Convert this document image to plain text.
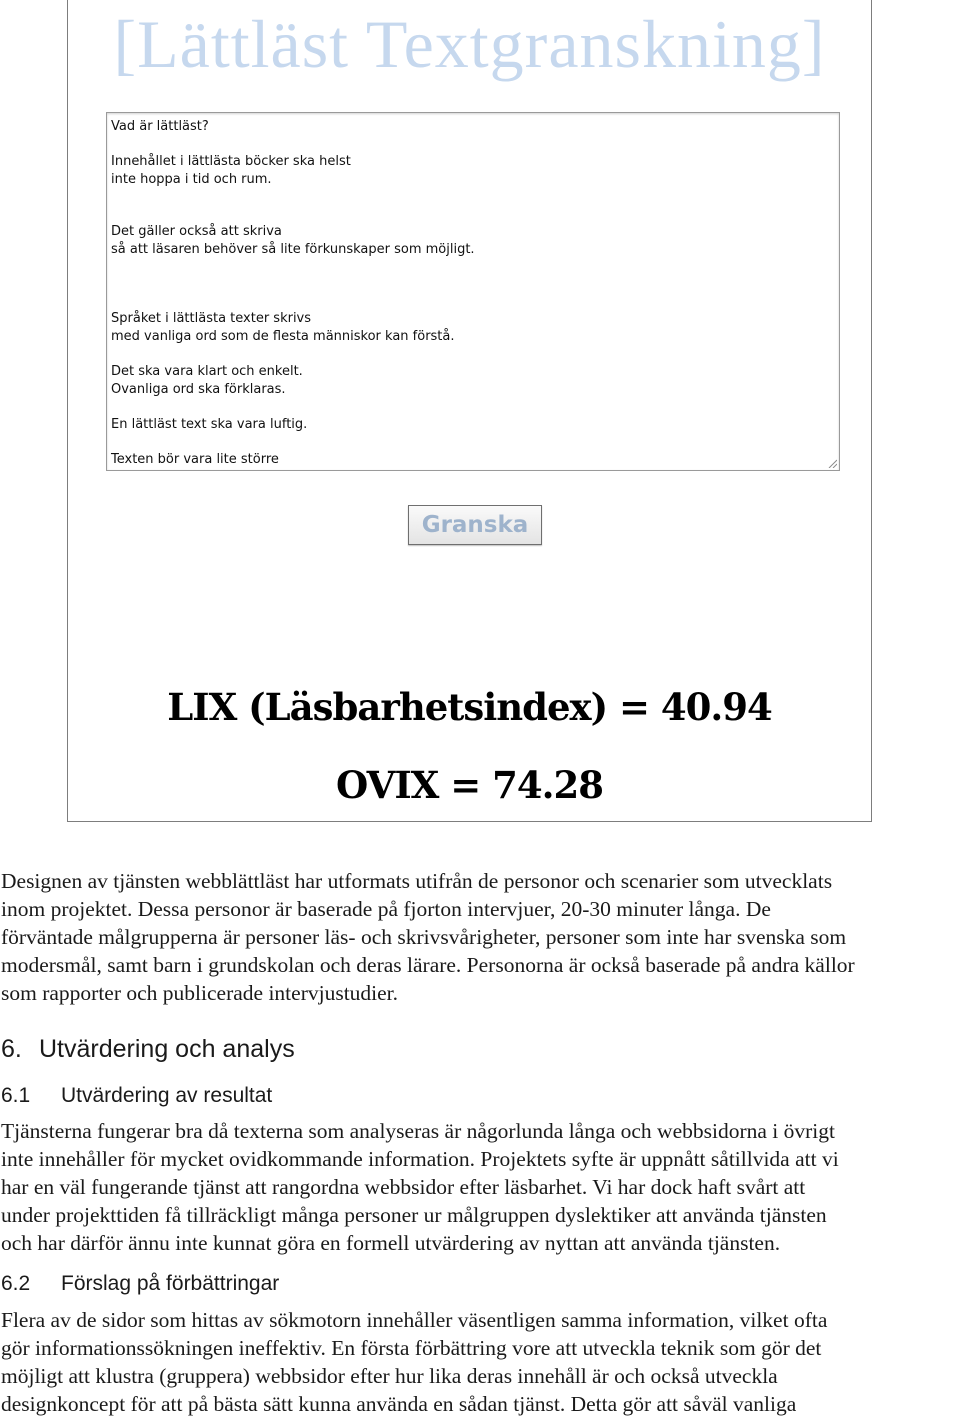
[Lättläst Textgranskning]
Vad är lättläst?
Innehållet i lättlästa böcker ska helst
inte hoppa i tid och rum.
Det gäller också att skriva
så att läsaren behöver så lite förkunskaper som möjligt.
Språket i lättlästa texter skrivs
med vanliga ord som de flesta människor kan förstå.
Det ska vara klart och enkelt.
Ovanliga ord ska förklaras.
En lättläst text ska vara luftig.
Texten bör vara lite större
Granska
LIX (Läsbarhetsindex) = 40.94
OVIX = 74.28
Designen av tjänsten webblättläst har utformats utifrån de personor och scenarier som utvecklats
inom projektet. Dessa personor är baserade på fjorton intervjuer, 20-30 minuter långa. De
förväntade målgrupperna är personer läs- och skrivsvårigheter, personer som inte har svenska som
modersmål, samt barn i grundskolan och deras lärare. Personorna är också baserade på andra källor
som rapporter och publicerade intervjustudier.
6. Utvärdering och analys
6.1 Utvärdering av resultat
Tjänsterna fungerar bra då texterna som analyseras är någorlunda långa och webbsidorna i övrigt
inte innehåller för mycket ovidkommande information. Projektets syfte är uppnått såtillvida att vi
har en väl fungerande tjänst att rangordna webbsidor efter läsbarhet. Vi har dock haft svårt att
under projekttiden få tillräckligt många personer ur målgruppen dyslektiker att använda tjänsten
och har därför ännu inte kunnat göra en formell utvärdering av nyttan att använda tjänsten.
6.2 Förslag på förbättringar
Flera av de sidor som hittas av sökmotorn innehåller väsentligen samma information, vilket ofta
gör informationssökningen ineffektiv. En första förbättring vore att utveckla teknik som gör det
möjligt att klustra (gruppera) webbsidor efter hur lika deras innehåll är och också utveckla
designkoncept för att på bästa sätt kunna använda en sådan tjänst. Detta gör att såväl vanliga
